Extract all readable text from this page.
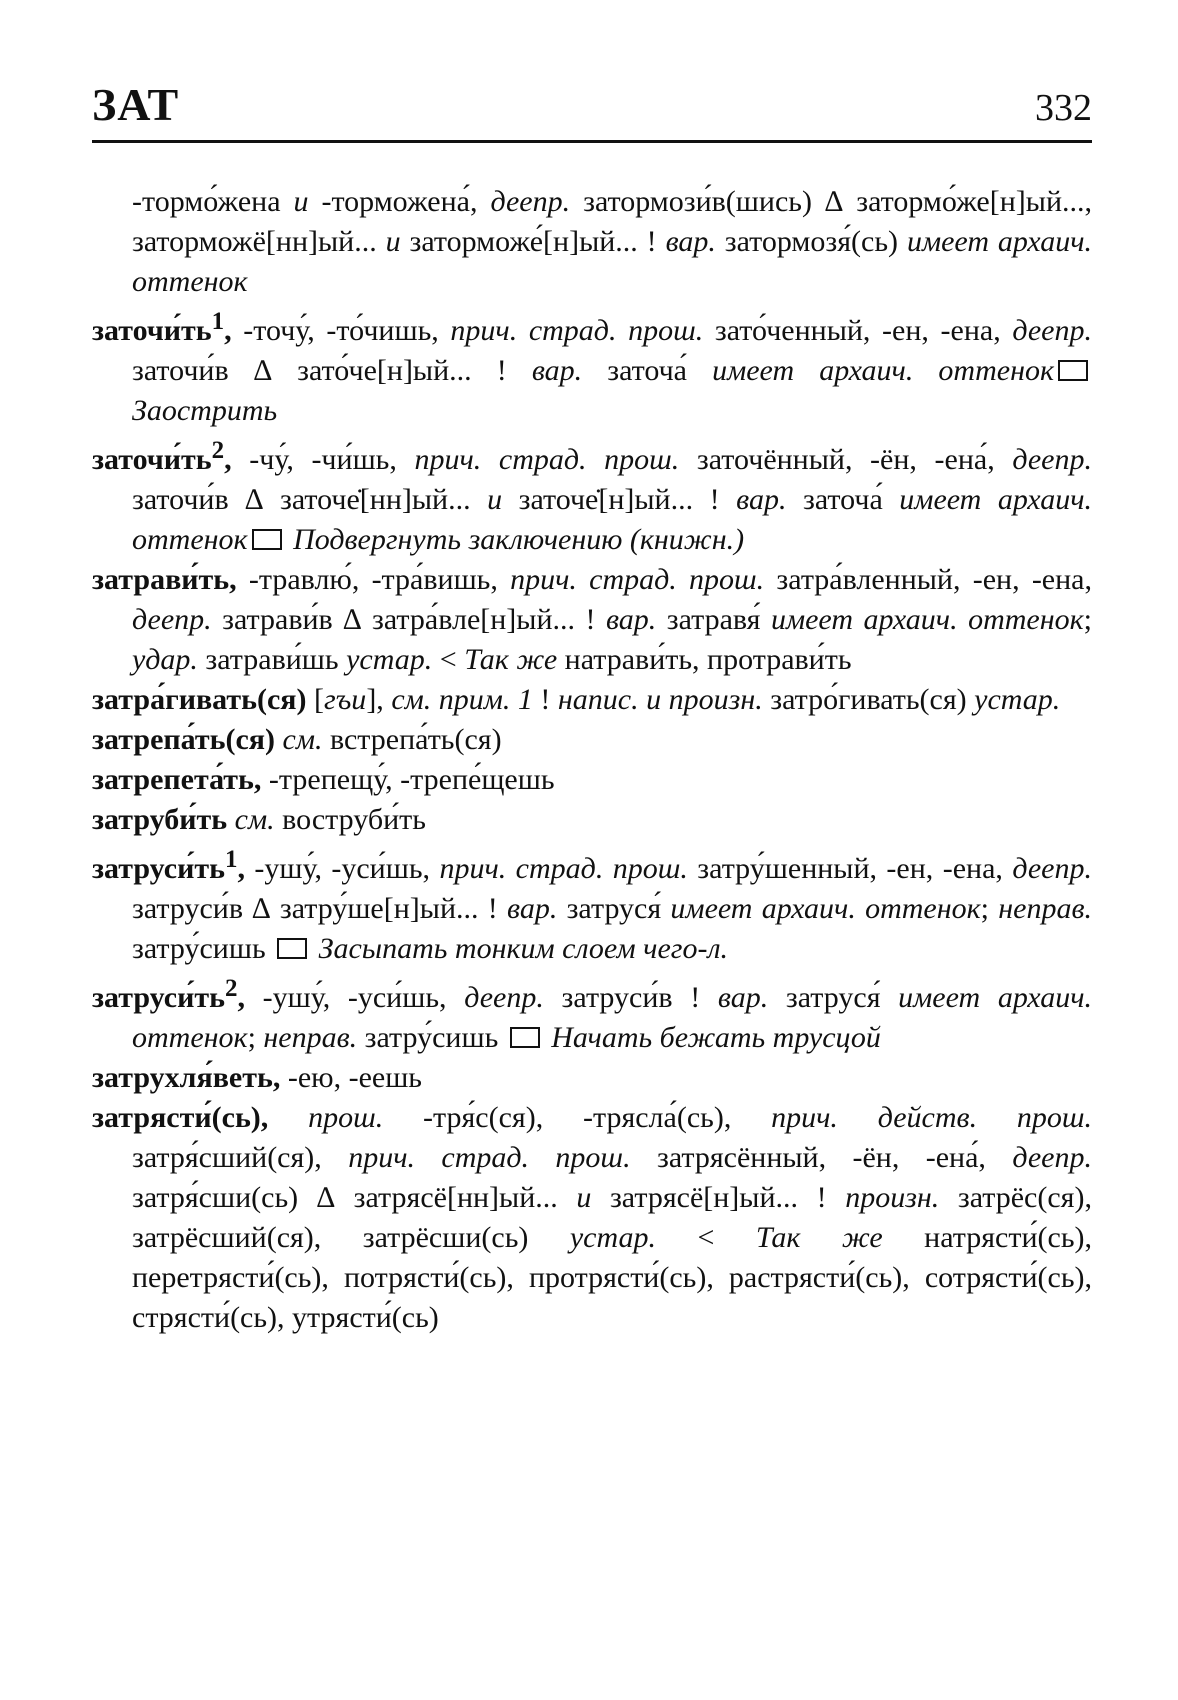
ЗАТ	332

-тормо́жена и -торможена́, деепр. затормози́в(шись) ∆ затормо́же[н]ый..., заторможё[нн]ый... и заторможе́[н]ый... ! вар. затормозя́(сь) имеет архаич. оттенок

$заточи́ть^1$, -точу́, -то́чишь, прич. страд. прош. зато́ченный, -ен, -ена, деепр. заточи́в ∆ зато́че[н]ый... ! вар. заточа́ имеет архаич. оттенок Заострить

$заточи́ть^2$, -чу́, -чи́шь, прич. страд. прош. заточённый, -ён, -ена́, деепр. заточи́в ∆ заточе̇[нн]ый... и заточе̇[н]ый... ! вар. заточа́ имеет архаич. оттенок Подвергнуть заключению (книжн.)

затрави́ть, -травлю́, -тра́вишь, прич. страд. прош. затра́вленный, -ен, -ена, деепр. затрави́в ∆ затра́вле[н]ый... ! вар. затравя́ имеет архаич. оттенок; удар. затрави́шь устар. < Так же натрави́ть, протрави́ть

затра́гивать(ся) [гъи], см. прим. 1 ! напис. и произн. затро́гивать(ся) устар.

затрепа́ть(ся) см. встрепа́ть(ся)

затрепета́ть, -трепещу́, -трепе́щешь

затруби́ть см. воструби́ть

$затруси́ть^1$, -ушу́, -уси́шь, прич. страд. прош. затру́шенный, -ен, -ена, деепр. затруси́в ∆ затру́ше[н]ый... ! вар. затруся́ имеет архаич. оттенок; неправ. затру́сишь  Засыпать тонким слоем чего-л.

$затруси́ть^2$, -ушу́, -уси́шь, деепр. затруси́в ! вар. затруся́ имеет архаич. оттенок; неправ. затру́сишь  Начать бежать трусцой

затрухля́веть, -ею, -еешь

затрясти́(сь), прош. -тря́с(ся), -трясла́(сь), прич. действ. прош. затря́сший(ся), прич. страд. прош. затрясённый, -ён, -ена́, деепр. затря́сши(сь) ∆ затрясё[нн]ый... и затрясё[н]ый... ! произн. затрёс(ся), затрёсший(ся), затрёсши(сь) устар. < Так же натрясти́(сь), перетрясти́(сь), потрясти́(сь), протрясти́(сь), растрясти́(сь), сотрясти́(сь), стрясти́(сь), утрясти́(сь)
